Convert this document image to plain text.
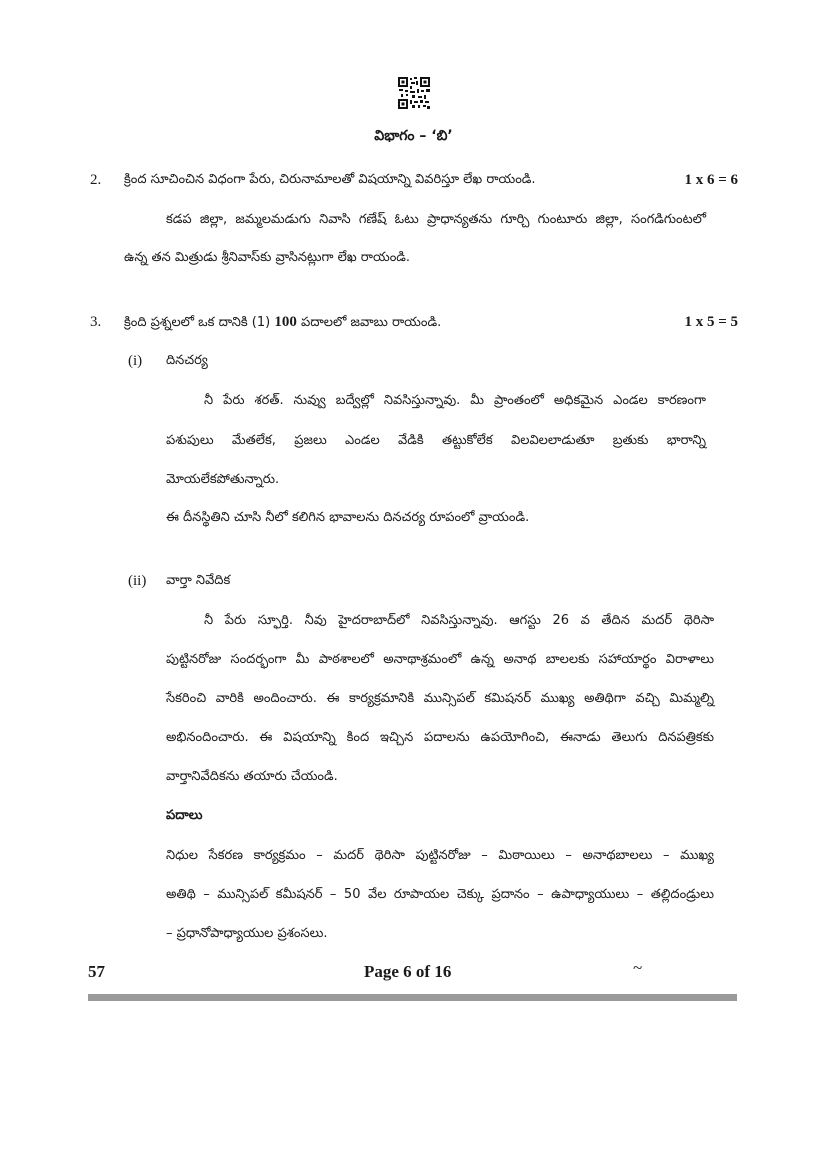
విభాగం – ‘బి’
2. క్రింద సూచించిన విధంగా పేరు, చిరునామాలతో విషయాన్ని వివరిస్తూ లేఖ రాయండి.	1 x 6 = 6
కడప జిల్లా, జమ్మలమడుగు నివాసి గణేష్ ఓటు ప్రాధాన్యతను గూర్చి గుంటూరు జిల్లా, సంగడిగుంటలో
ఉన్న తన మిత్రుడు శ్రీనివాస్‌కు వ్రాసినట్లుగా లేఖ రాయండి.
3. క్రింది ప్రశ్నలలో ఒక దానికి (1) 100 పదాలలో జవాబు రాయండి.	1 x 5 = 5
(i) దినచర్య
నీ పేరు శరత్. నువ్వు బద్వేల్లో నివసిస్తున్నావు. మీ ప్రాంతంలో అధికమైన ఎండల కారణంగా
పశుపులు మేతలేక, ప్రజలు ఎండల వేడికి తట్టుకోలేక విలవిలలాడుతూ బ్రతుకు భారాన్ని
మోయలేకపోతున్నారు.
ఈ దీనస్థితిని చూసి నీలో కలిగిన భావాలను దినచర్య రూపంలో వ్రాయండి.
(ii) వార్తా నివేదిక
నీ పేరు స్ఫూర్తి. నీవు హైదరాబాద్‌లో నివసిస్తున్నావు. ఆగస్టు 26 వ తేదిన మదర్ థెరిసా
పుట్టినరోజు సందర్భంగా మీ పాఠశాలలో అనాథాశ్రమంలో ఉన్న అనాథ బాలలకు సహాయార్థం విరాళాలు
సేకరించి వారికి అందించారు. ఈ కార్యక్రమానికి మున్సిపల్ కమిషనర్ ముఖ్య అతిథిగా వచ్చి మిమ్మల్ని
అభినందించారు. ఈ విషయాన్ని కింద ఇచ్చిన పదాలను ఉపయోగించి, ఈనాడు తెలుగు దినపత్రికకు
వార్తానివేదికను తయారు చేయండి.
పదాలు
నిధుల సేకరణ కార్యక్రమం – మదర్ థెరిసా పుట్టినరోజు – మిఠాయిలు – అనాథబాలలు – ముఖ్య
అతిథి – మున్సిపల్ కమీషనర్ – 50 వేల రూపాయల చెక్కు ప్రదానం – ఉపాధ్యాయులు – తల్లిదండ్రులు
– ప్రధానోపాధ్యాయుల ప్రశంసలు.
57	Page 6 of 16	~
